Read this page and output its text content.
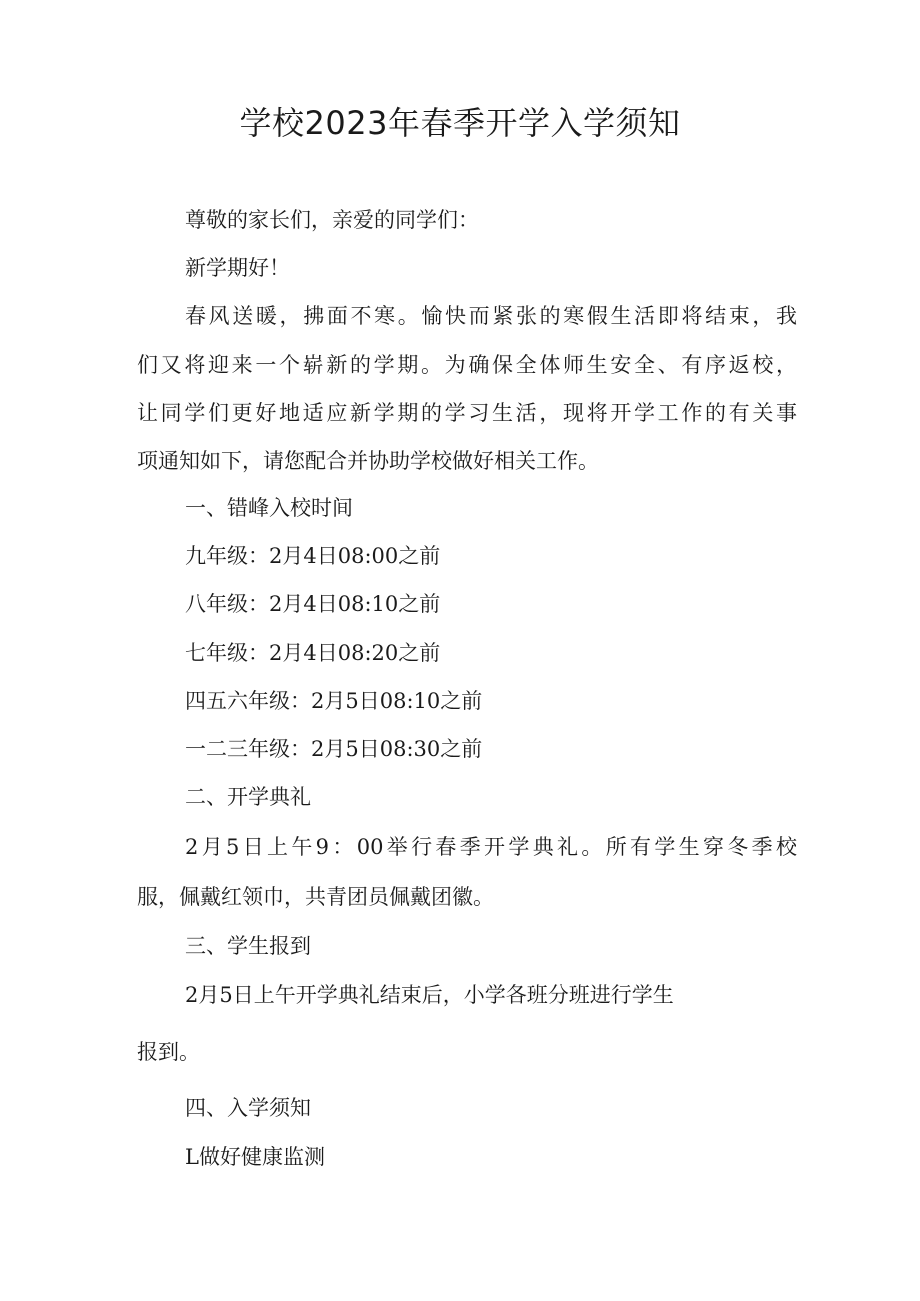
学校2023年春季开学入学须知

尊敬的家长们，亲爱的同学们：

新学期好！

春风送暖，拂面不寒。愉快而紧张的寒假生活即将结束，我

们又将迎来一个崭新的学期。为确保全体师生安全、有序返校，

让同学们更好地适应新学期的学习生活，现将开学工作的有关事

项通知如下，请您配合并协助学校做好相关工作。

一、错峰入校时间

九年级：2月4日08:00之前

八年级：2月4日08:10之前

七年级：2月4日08:20之前

四五六年级：2月5日08:10之前

一二三年级：2月5日08:30之前

二、开学典礼

2月5日上午9：00举行春季开学典礼。所有学生穿冬季校

服，佩戴红领巾，共青团员佩戴团徽。

三、学生报到

2月5日上午开学典礼结束后，小学各班分班进行学生

报到。

四、入学须知

L做好健康监测
